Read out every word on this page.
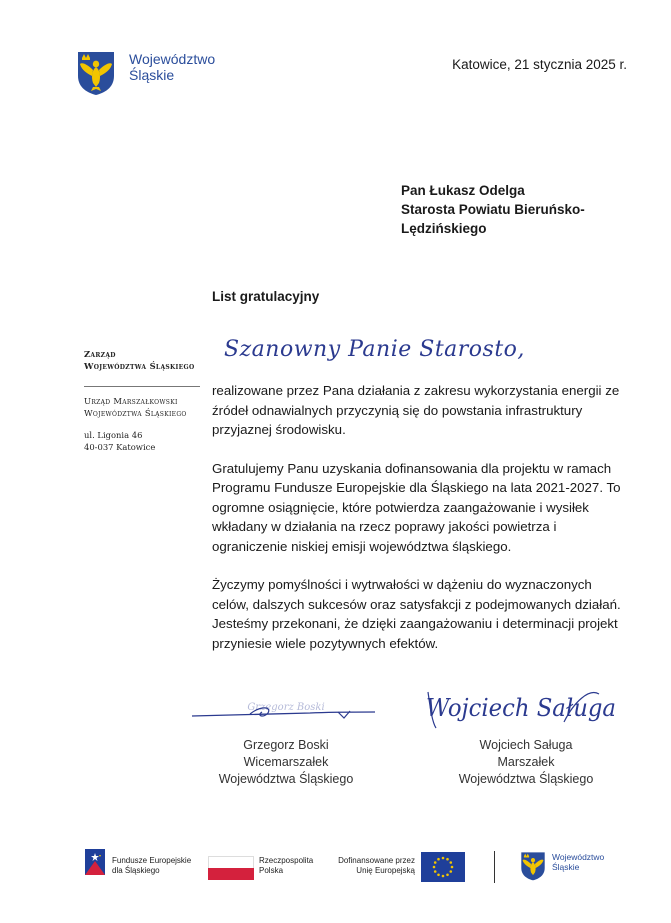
Województwo
Śląskie
Katowice, 21 stycznia 2025 r.
Pan Łukasz Odelga
Starosta Powiatu Bieruńsko-
Lędzińskiego
Zarząd
Województwa Śląskiego
Urząd Marszałkowski
Województwa Śląskiego
ul. Ligonia 46
40-037 Katowice
List gratulacyjny
Szanowny Panie Starosto,

realizowane przez Pana działania z zakresu wykorzystania energii ze źródeł odnawialnych przyczynią się do powstania infrastruktury przyjaznej środowisku.

Gratulujemy Panu uzyskania dofinansowania dla projektu w ramach Programu Fundusze Europejskie dla Śląskiego na lata 2021-2027. To ogromne osiągnięcie, które potwierdza zaangażowanie i wysiłek wkładany w działania na rzecz poprawy jakości powietrza i ograniczenie niskiej emisji województwa śląskiego.

Życzymy pomyślności i wytrwałości w dążeniu do wyznaczonych celów, dalszych sukcesów oraz satysfakcji z podejmowanych działań. Jesteśmy przekonani, że dzięki zaangażowaniu i determinacji projekt przyniesie wiele pozytywnych efektów.

Grzegorz Boski	Wojciech Saługa
Grzegorz Boski
Wicemarszałek
Województwa Śląskiego
Wojciech Saługa
Marszałek
Województwa Śląskiego
Fundusze Europejskie
dla Śląskiego
Rzeczpospolita
Polska
Dofinansowane przez
Unię Europejską
Województwo
Śląskie
